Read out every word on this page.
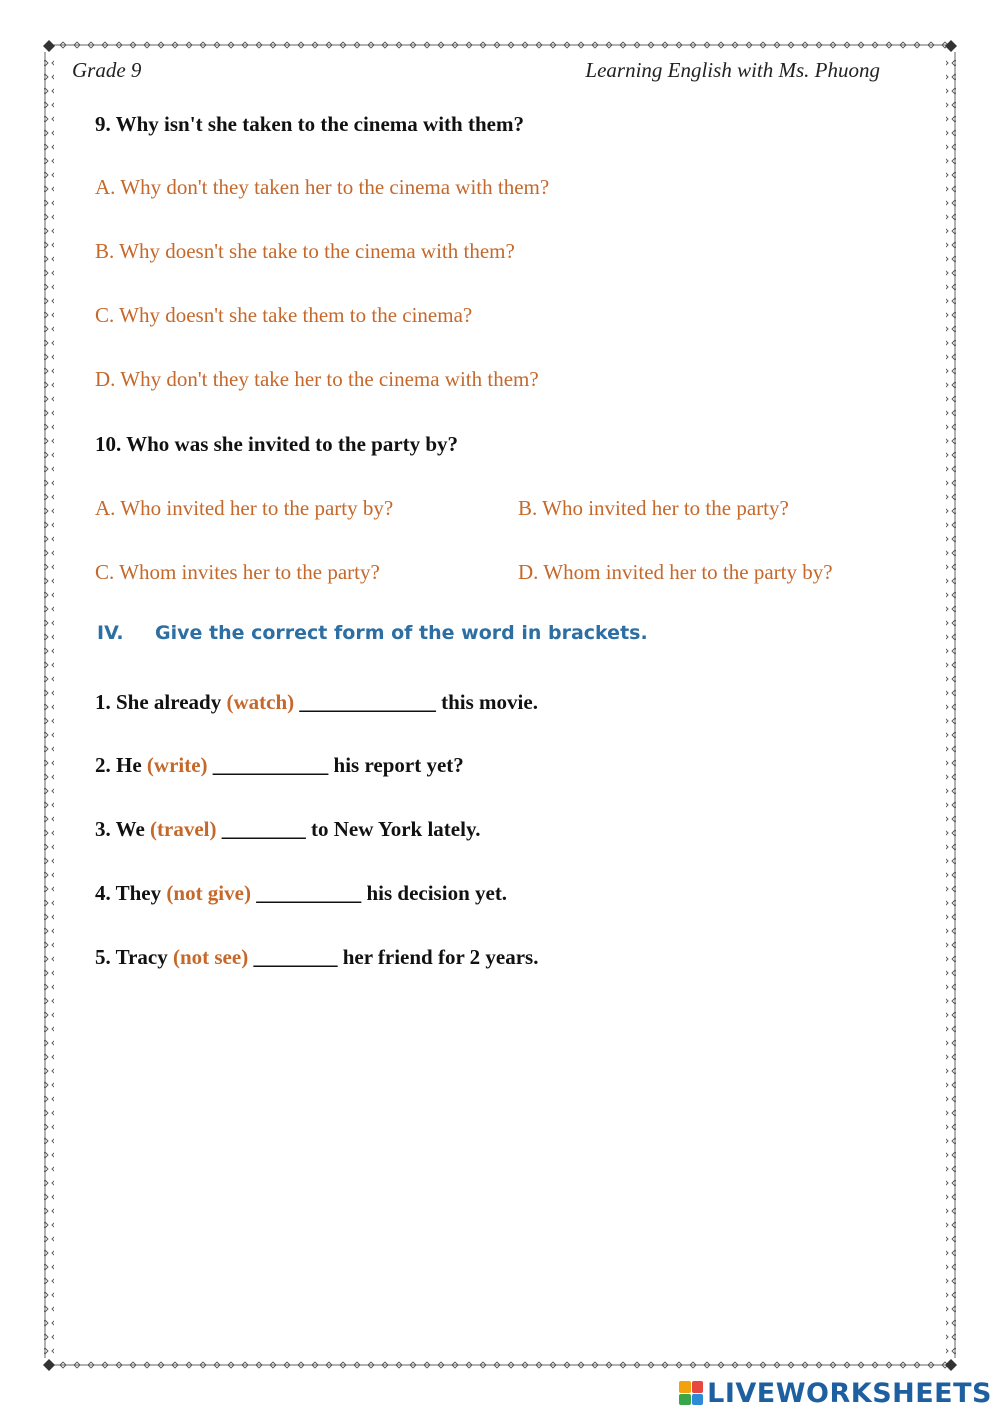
Grade 9	Learning English with Ms. Phuong
9. Why isn't she taken to the cinema with them?
A. Why don't they taken her to the cinema with them?
B. Why doesn't she take to the cinema with them?
C. Why doesn't she take them to the cinema?
D. Why don't they take her to the cinema with them?
10. Who was she invited to the party by?
A. Who invited her to the party by?	B. Who invited her to the party?
C. Whom invites her to the party?	D. Whom invited her to the party by?
IV. Give the correct form of the word in brackets.
1. She already (watch) _____________ this movie.
2. He (write) ___________ his report yet?
3. We (travel) ________ to New York lately.
4. They (not give) __________ his decision yet.
5. Tracy (not see) ________ her friend for 2 years.
LIVEWORKSHEETS
